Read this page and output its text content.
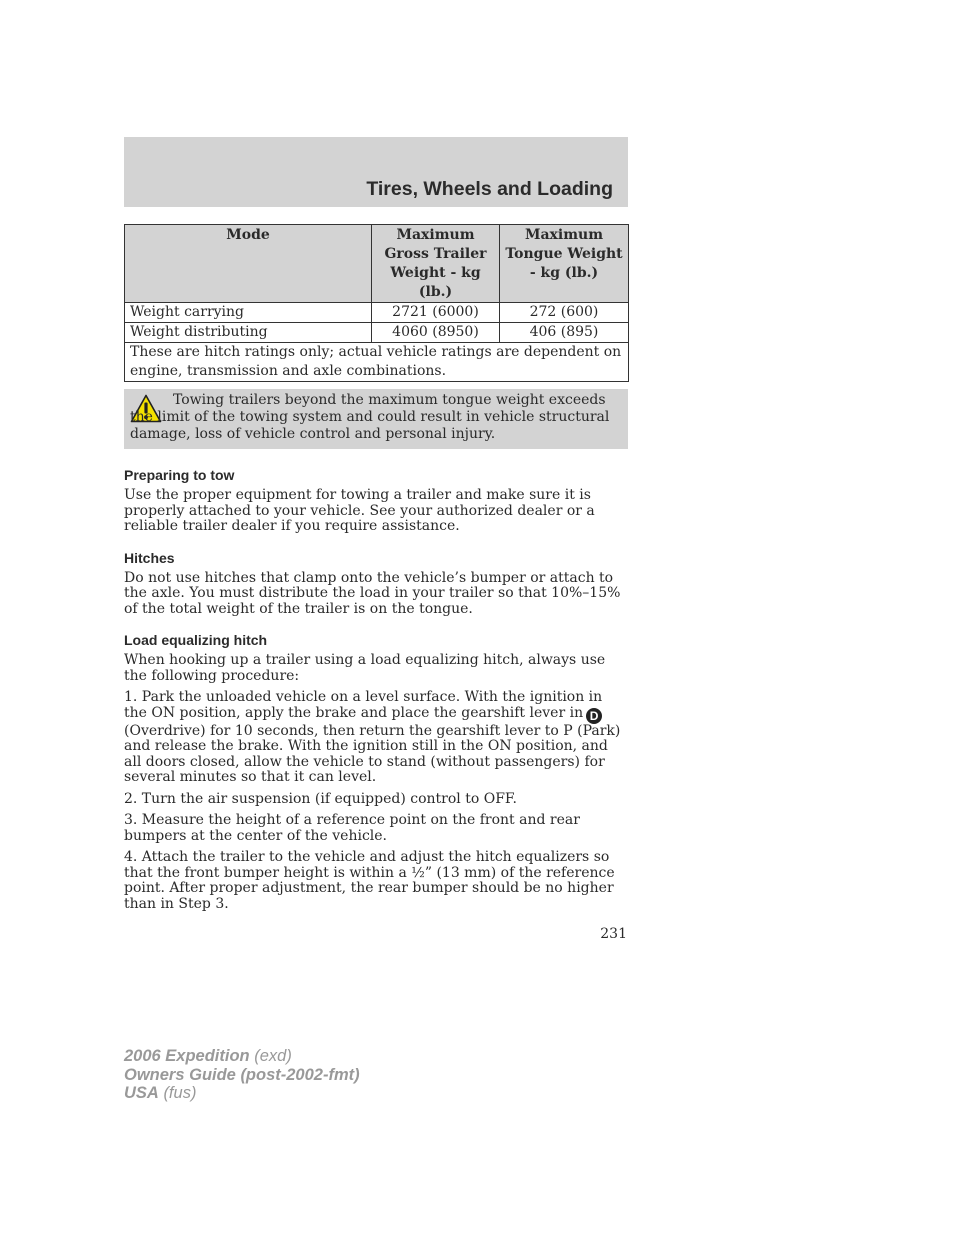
Tires, Wheels and Loading
Mode	Maximum Gross Trailer Weight - kg (lb.)	Maximum Tongue Weight - kg (lb.)
Weight carrying	2721 (6000)	272 (600)
Weight distributing	4060 (8950)	406 (895)
These are hitch ratings only; actual vehicle ratings are dependent on engine, transmission and axle combinations.		
Towing trailers beyond the maximum tongue weight exceeds the limit of the towing system and could result in vehicle structural damage, loss of vehicle control and personal injury.
Preparing to tow

Use the proper equipment for towing a trailer and make sure it is properly attached to your vehicle. See your authorized dealer or a reliable trailer dealer if you require assistance.

Hitches

Do not use hitches that clamp onto the vehicle’s bumper or attach to the axle. You must distribute the load in your trailer so that 10%–15% of the total weight of the trailer is on the tongue.

Load equalizing hitch

When hooking up a trailer using a load equalizing hitch, always use the following procedure:

1. Park the unloaded vehicle on a level surface. With the ignition in the ON position, apply the brake and place the gearshift lever in D (Overdrive) for 10 seconds, then return the gearshift lever to P (Park) and release the brake. With the ignition still in the ON position, and all doors closed, allow the vehicle to stand (without passengers) for several minutes so that it can level.

2. Turn the air suspension (if equipped) control to OFF.

3. Measure the height of a reference point on the front and rear bumpers at the center of the vehicle.

4. Attach the trailer to the vehicle and adjust the hitch equalizers so that the front bumper height is within a ½” (13 mm) of the reference point. After proper adjustment, the rear bumper should be no higher than in Step 3.

231
2006 Expedition (exd)
Owners Guide (post-2002-fmt)
USA (fus)
